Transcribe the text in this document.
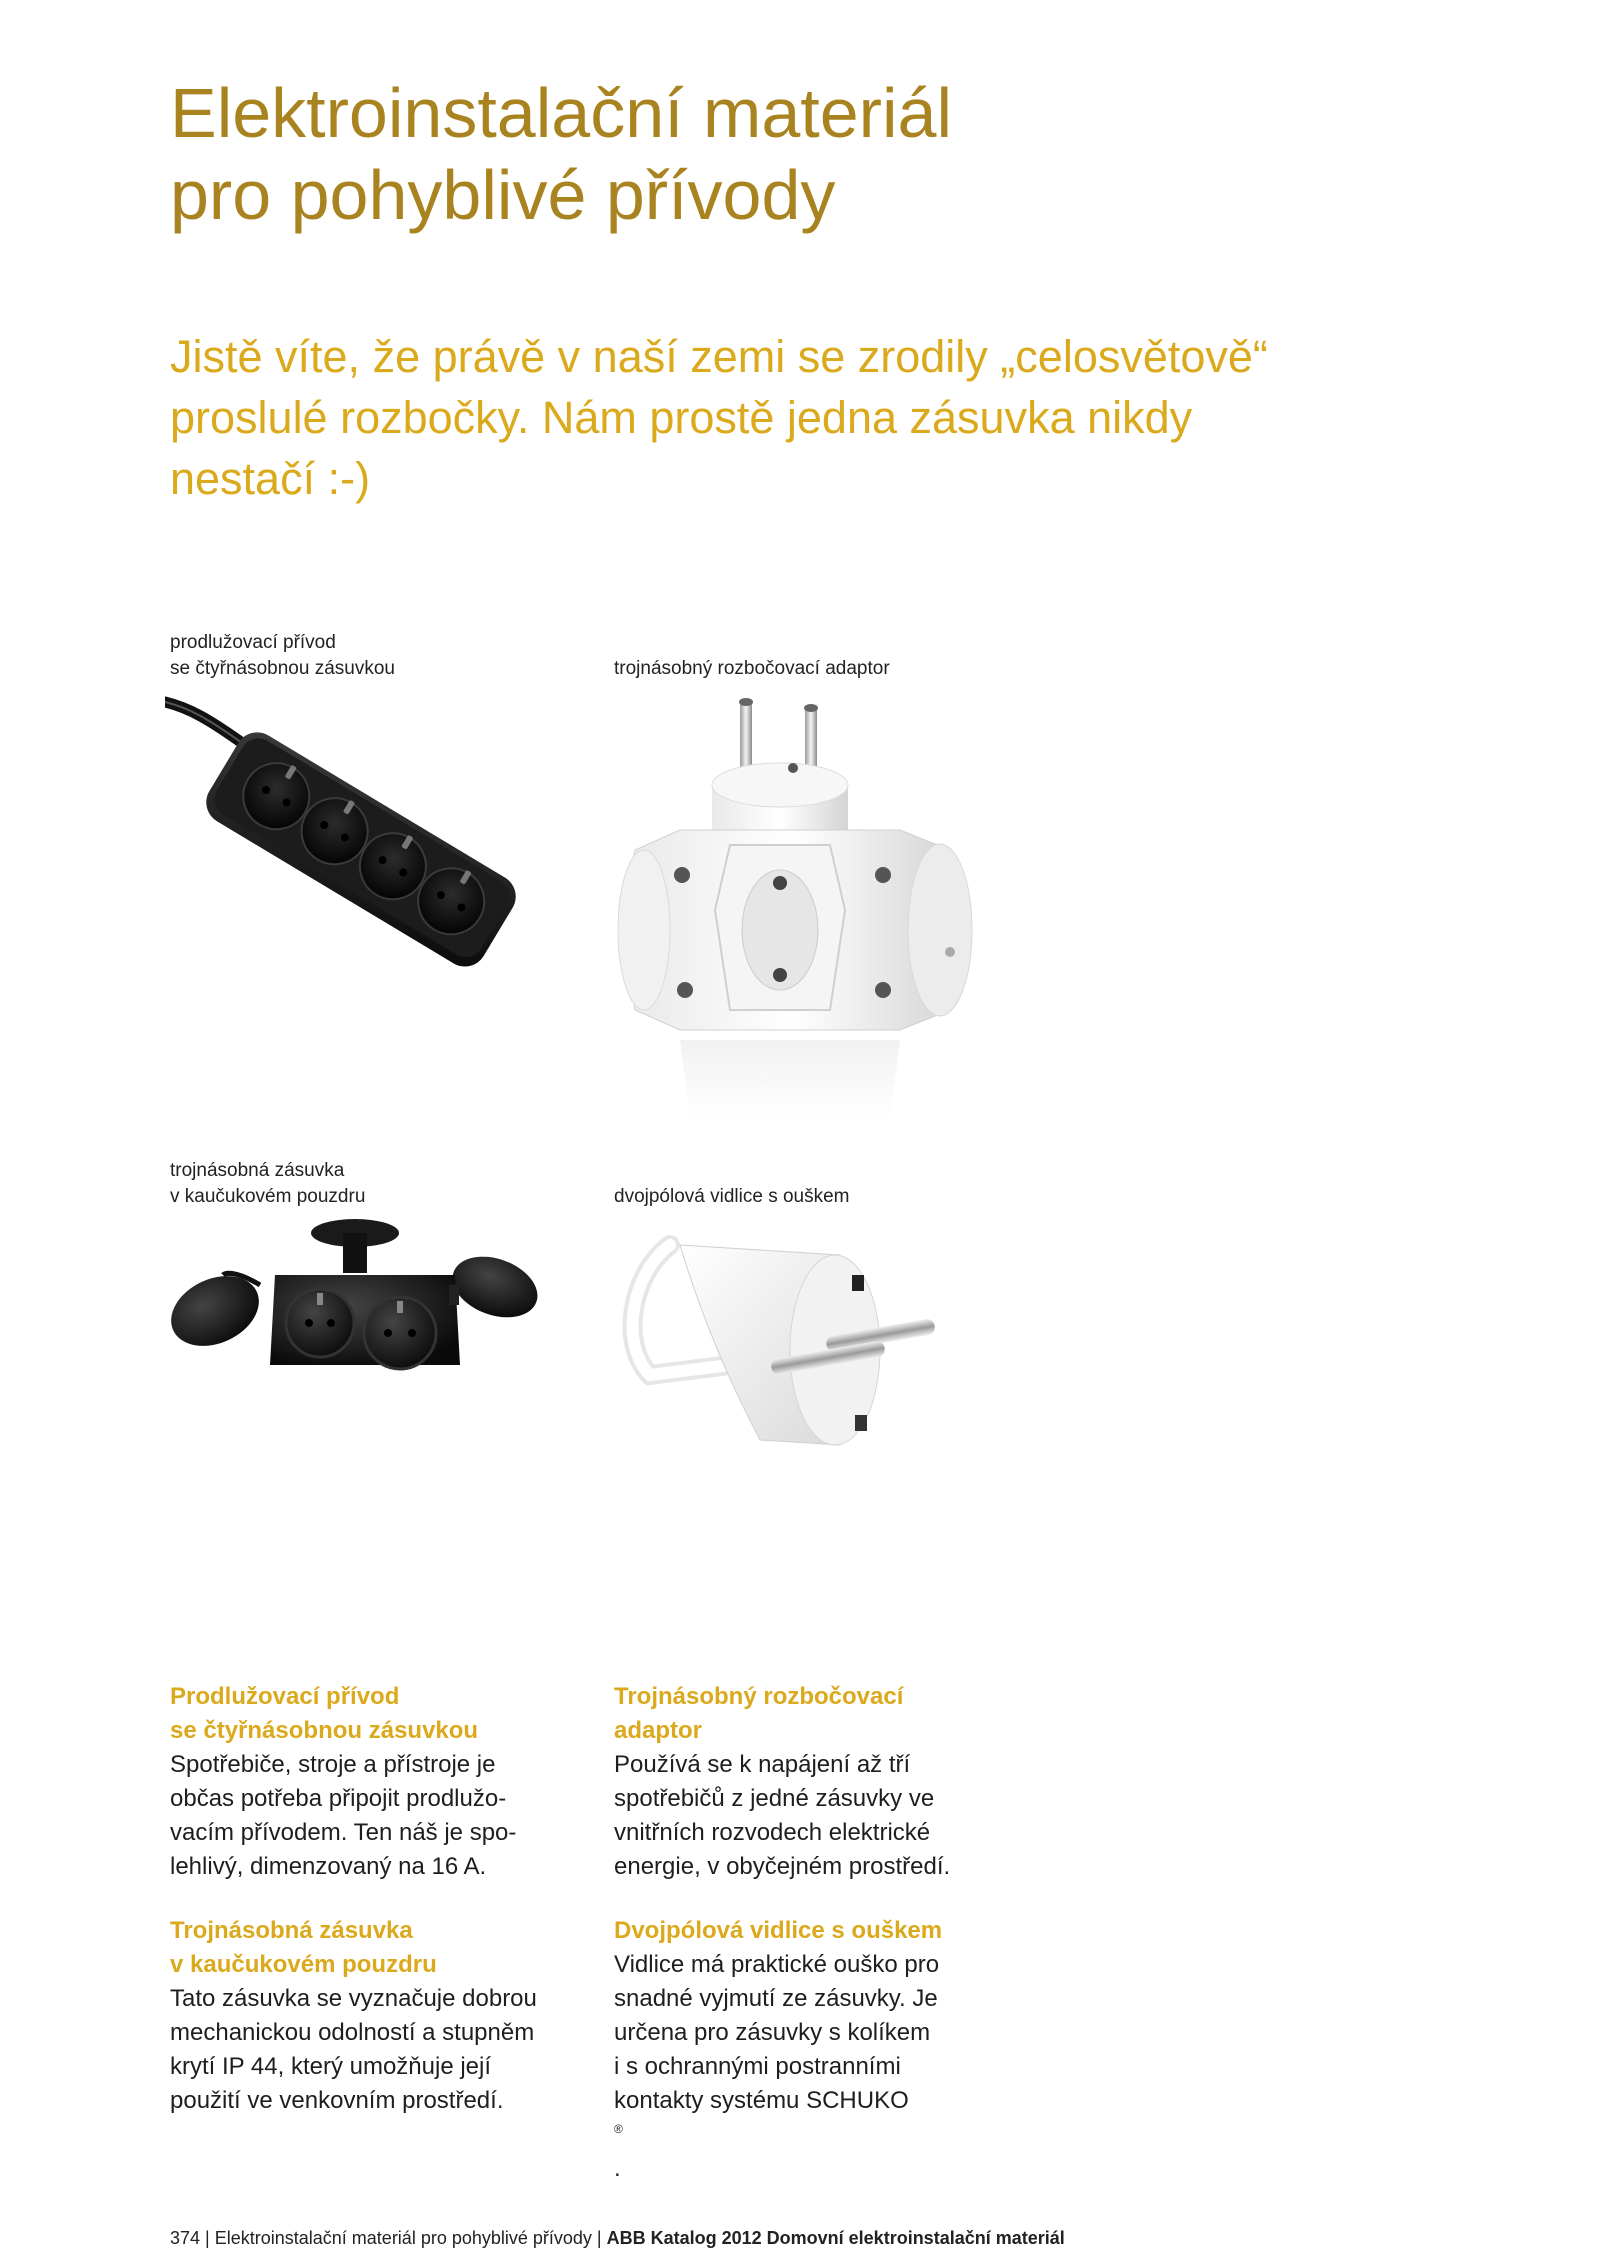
Elektroinstalační materiál
pro pohyblivé přívody

Jistě víte, že právě v naší zemi se zrodily „celosvětově“
proslulé rozbočky. Nám prostě jedna zásuvka nikdy
nestačí :-)

prodlužovací přívod
se čtyřnásobnou zásuvkou	trojnásobný rozbočovací adaptor
trojnásobná zásuvka
v kaučukovém pouzdru	dvojpólová vidlice s ouškem
Prodlužovací přívod
se čtyřnásobnou zásuvkou

Spotřebiče, stroje a přístroje je
občas potřeba připojit prodlužo-
vacím přívodem. Ten náš je spo-
lehlivý, dimenzovaný na 16 A.

Trojnásobná zásuvka
v kaučukovém pouzdru

Tato zásuvka se vyznačuje dobrou
mechanickou odolností a stupněm
krytí IP 44, který umožňuje její
použití ve venkovním prostředí.

Trojnásobný rozbočovací
adaptor

Používá se k napájení až tří
spotřebičů z jedné zásuvky ve
vnitřních rozvodech elektrické
energie, v obyčejném prostředí.

Dvojpólová vidlice s ouškem

Vidlice má praktické ouško pro
snadné vyjmutí ze zásuvky. Je
určena pro zásuvky s kolíkem
i s ochrannými postranními
kontakty systému SCHUKO
®
.

374 | Elektroinstalační materiál pro pohyblivé přívody | ABB Katalog 2012 Domovní elektroinstalační materiál
